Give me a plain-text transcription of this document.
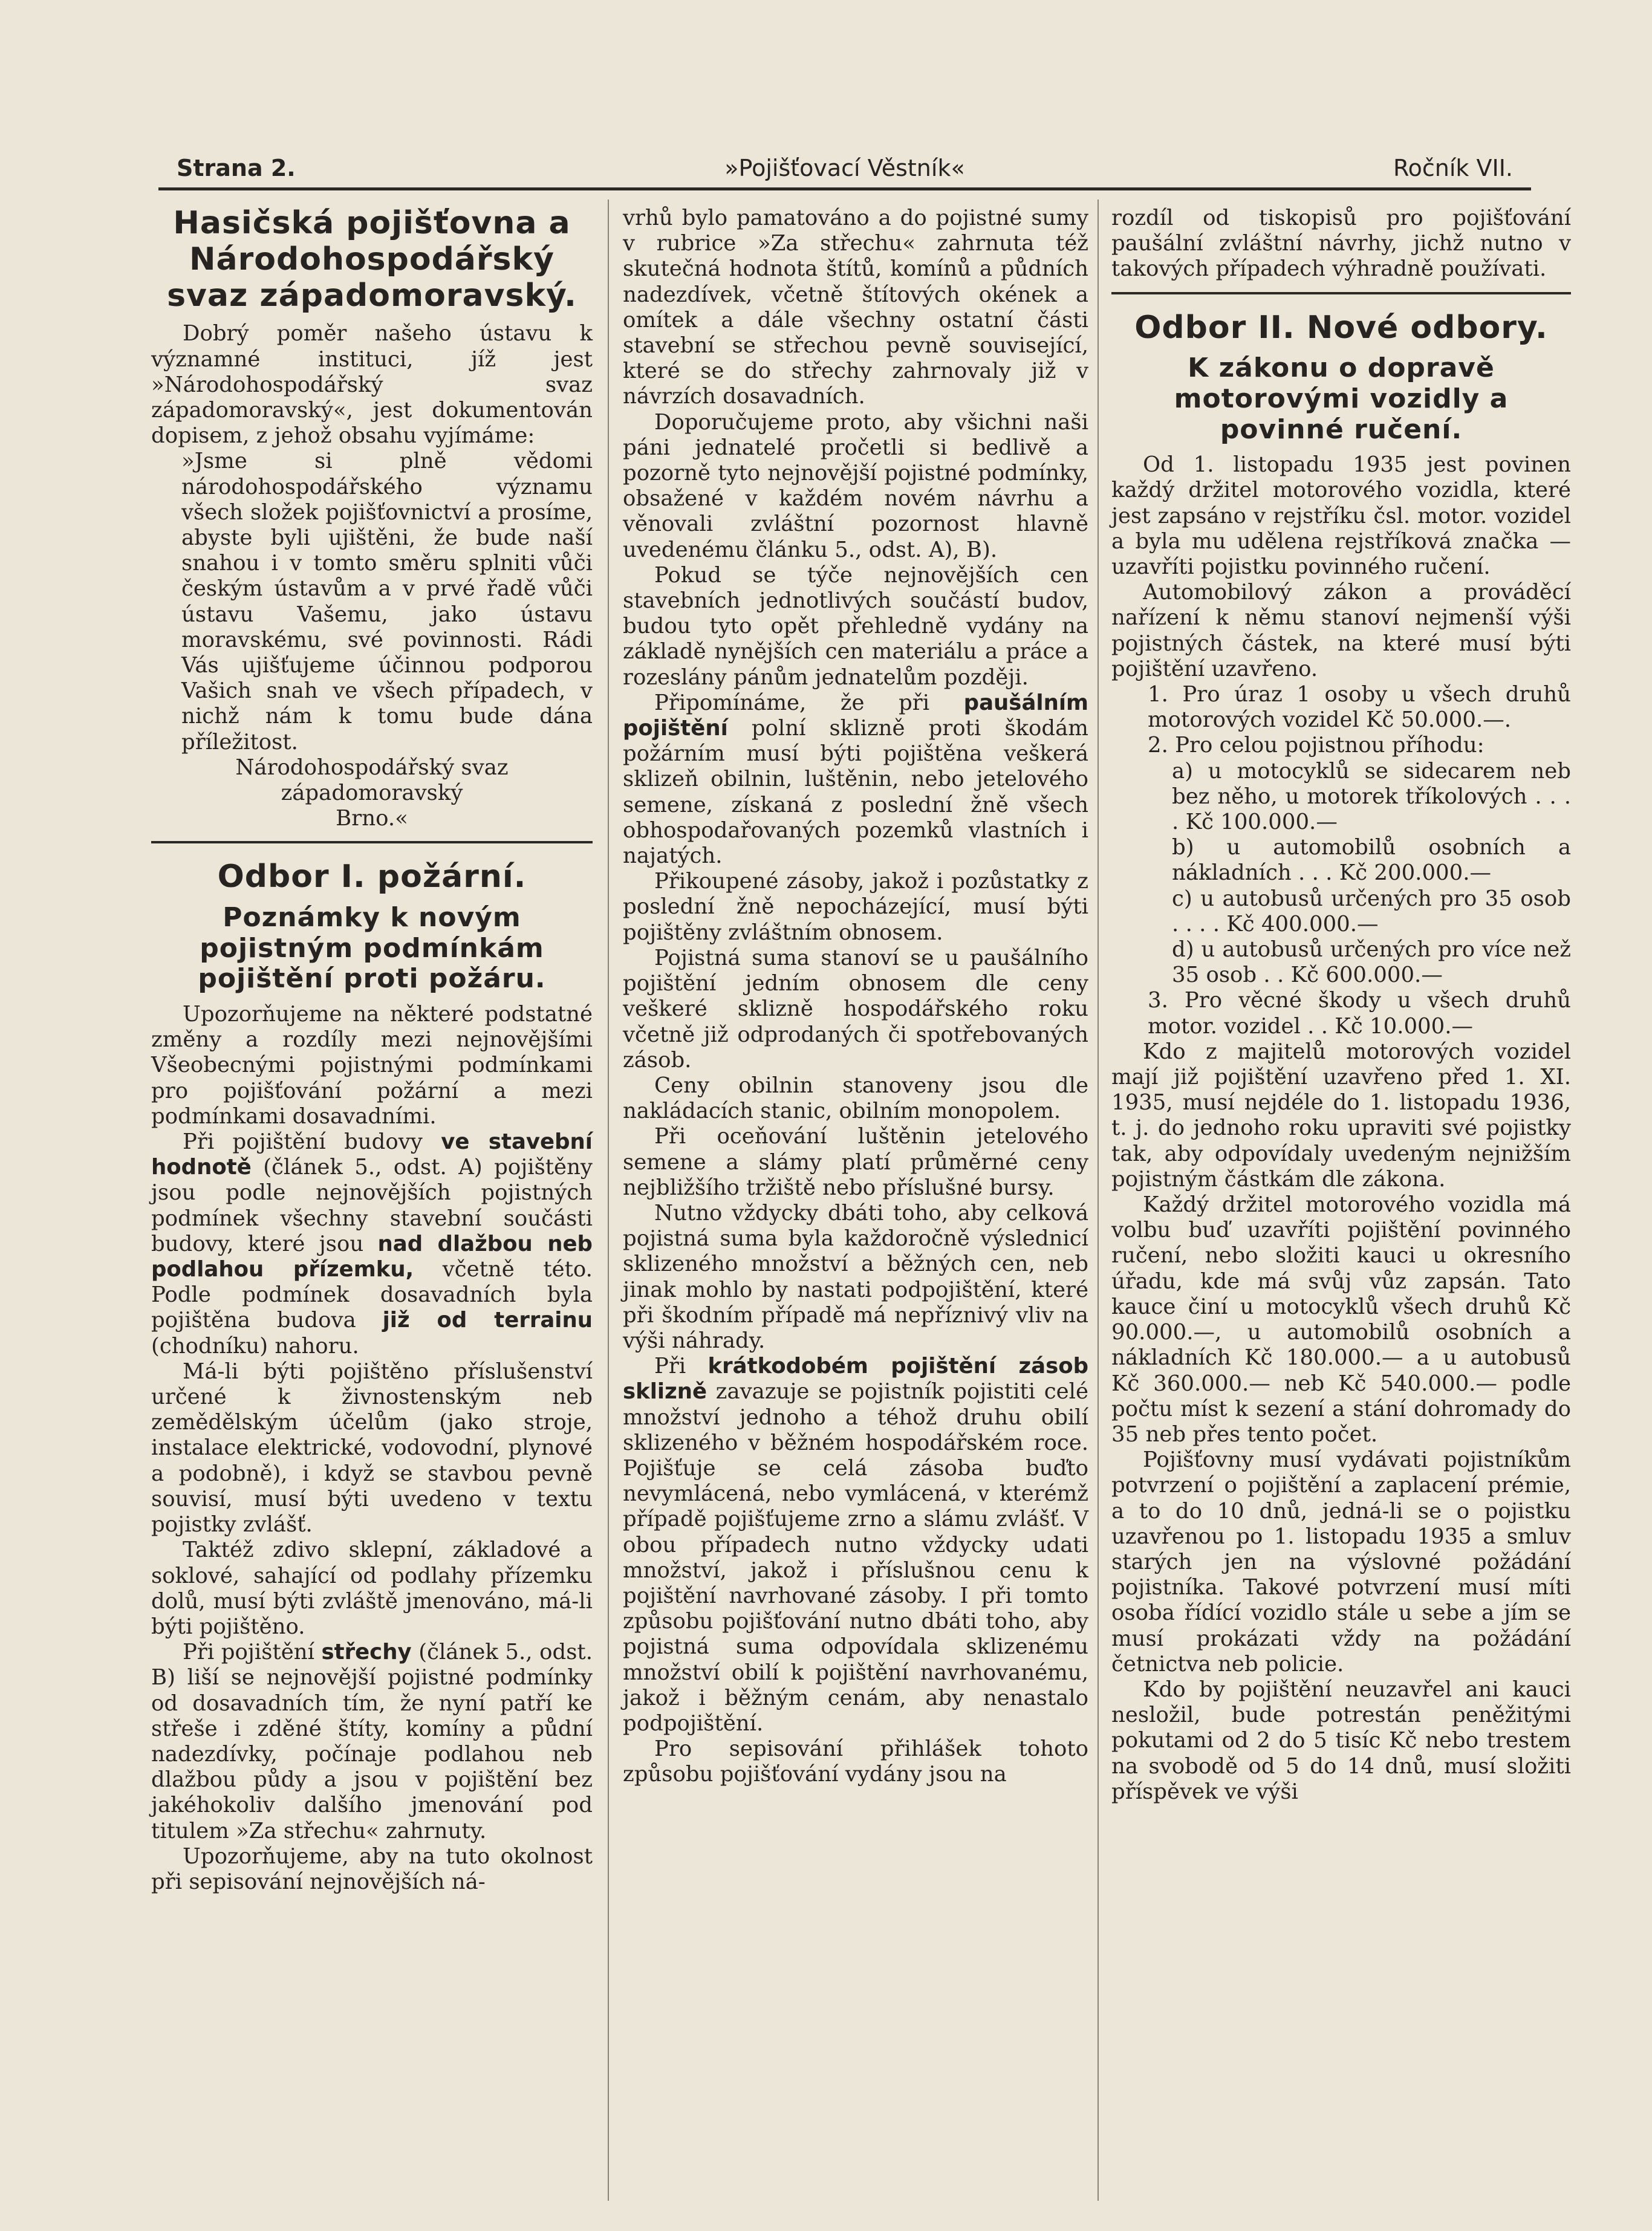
Strana 2.	»Pojišťovací Věstník«	Ročník VII.
Hasičská pojišťovna a Národohospodářský svaz západomoravský.

Dobrý poměr našeho ústavu k významné instituci, jíž jest »Národohospodářský svaz západomoravský«, jest dokumentován dopisem, z jehož obsahu vyjímáme:

»Jsme si plně vědomi národohospodářského významu všech složek pojišťovnictví a prosíme, abyste byli ujištěni, že bude naší snahou i v tomto směru splniti vůči českým ústavům a v prvé řadě vůči ústavu Vašemu, jako ústavu moravskému, své povinnosti. Rádi Vás ujišťujeme účinnou podporou Vašich snah ve všech případech, v nichž nám k tomu bude dána příležitost.

Národohospodářský svaz

západomoravský

Brno.«

Odbor I. požární.
Poznámky k novým pojistným podmínkám pojištění proti požáru.

Upozorňujeme na některé podstatné změny a rozdíly mezi nejnovějšími Všeobecnými pojistnými podmínkami pro pojišťování požární a mezi podmínkami dosavadními.

Při pojištění budovy ve stavební hodnotě (článek 5., odst. A) pojištěny jsou podle nejnovějších pojistných podmínek všechny stavební součásti budovy, které jsou nad dlažbou neb podlahou přízemku, včetně této. Podle podmínek dosavadních byla pojištěna budova již od terrainu (chodníku) nahoru.

Má-li býti pojištěno příslušenství určené k živnostenským neb zemědělským účelům (jako stroje, instalace elektrické, vodovodní, plynové a podobně), i když se stavbou pevně souvisí, musí býti uvedeno v textu pojistky zvlášť.

Taktéž zdivo sklepní, základové a soklové, sahající od podlahy přízemku dolů, musí býti zvláště jmenováno, má-li býti pojištěno.

Při pojištění střechy (článek 5., odst. B) liší se nejnovější pojistné podmínky od dosavadních tím, že nyní patří ke střeše i zděné štíty, komíny a půdní nadezdívky, počínaje podlahou neb dlažbou půdy a jsou v pojištění bez jakéhokoliv dalšího jmenování pod titulem »Za střechu« zahrnuty.

Upozorňujeme, aby na tuto okolnost při sepisování nejnovějších ná-

vrhů bylo pamatováno a do pojistné sumy v rubrice »Za střechu« zahrnuta též skutečná hodnota štítů, komínů a půdních nadezdívek, včetně štítových okének a omítek a dále všechny ostatní části stavební se střechou pevně související, které se do střechy zahrnovaly již v návrzích dosavadních.

Doporučujeme proto, aby všichni naši páni jednatelé pročetli si bedlivě a pozorně tyto nejnovější pojistné podmínky, obsažené v každém novém návrhu a věnovali zvláštní pozornost hlavně uvedenému článku 5., odst. A), B).

Pokud se týče nejnovějších cen stavebních jednotlivých součástí budov, budou tyto opět přehledně vydány na základě nynějších cen materiálu a práce a rozeslány pánům jednatelům později.

Připomínáme, že při paušálním pojištění polní sklizně proti škodám požárním musí býti pojištěna veškerá sklizeň obilnin, luštěnin, nebo jetelového semene, získaná z poslední žně všech obhospodařovaných pozemků vlastních i najatých.

Přikoupené zásoby, jakož i pozůstatky z poslední žně nepocházející, musí býti pojištěny zvláštním obnosem.

Pojistná suma stanoví se u paušálního pojištění jedním obnosem dle ceny veškeré sklizně hospodářského roku včetně již odprodaných či spotřebovaných zásob.

Ceny obilnin stanoveny jsou dle nakládacích stanic, obilním monopolem.

Při oceňování luštěnin jetelového semene a slámy platí průměrné ceny nejbližšího tržiště nebo příslušné bursy.

Nutno vždycky dbáti toho, aby celková pojistná suma byla každoročně výslednicí sklizeného množství a běžných cen, neb jinak mohlo by nastati podpojištění, které při škodním případě má nepříznivý vliv na výši náhrady.

Při krátkodobém pojištění zásob sklizně zavazuje se pojistník pojistiti celé množství jednoho a téhož druhu obilí sklizeného v běžném hospodářském roce. Pojišťuje se celá zásoba buďto nevymlácená, nebo vymlácená, v kterémž případě pojišťujeme zrno a slámu zvlášť. V obou případech nutno vždycky udati množství, jakož i příslušnou cenu k pojištění navrhované zásoby. I při tomto způsobu pojišťování nutno dbáti toho, aby pojistná suma odpovídala sklizenému množství obilí k pojištění navrhovanému, jakož i běžným cenám, aby nenastalo podpojištění.

Pro sepisování přihlášek tohoto způsobu pojišťování vydány jsou na

rozdíl od tiskopisů pro pojišťování paušální zvláštní návrhy, jichž nutno v takových případech výhradně používati.

Odbor II. Nové odbory.
K zákonu o dopravě motorovými vozidly a povinné ručení.

Od 1. listopadu 1935 jest povinen každý držitel motorového vozidla, které jest zapsáno v rejstříku čsl. motor. vozidel a byla mu udělena rejstříková značka — uzavříti pojistku povinného ručení.

Automobilový zákon a prováděcí nařízení k němu stanoví nejmenší výši pojistných částek, na které musí býti pojištění uzavřeno.

1. Pro úraz 1 osoby u všech druhů motorových vozidel Kč 50.000.—.

2. Pro celou pojistnou příhodu:

a) u motocyklů se sidecarem neb bez něho, u motorek tříkolových . . . . Kč 100.000.—

b) u automobilů osobních a nákladních . . . Kč 200.000.—

c) u autobusů určených pro 35 osob . . . . Kč 400.000.—

d) u autobusů určených pro více než 35 osob . . Kč 600.000.—

3. Pro věcné škody u všech druhů motor. vozidel . . Kč 10.000.—

Kdo z majitelů motorových vozidel mají již pojištění uzavřeno před 1. XI. 1935, musí nejdéle do 1. listopadu 1936, t. j. do jednoho roku upraviti své pojistky tak, aby odpovídaly uvedeným nejnižším pojistným částkám dle zákona.

Každý držitel motorového vozidla má volbu buď uzavříti pojištění povinného ručení, nebo složiti kauci u okresního úřadu, kde má svůj vůz zapsán. Tato kauce činí u motocyklů všech druhů Kč 90.000.—, u automobilů osobních a nákladních Kč 180.000.— a u autobusů Kč 360.000.— neb Kč 540.000.— podle počtu míst k sezení a stání dohromady do 35 neb přes tento počet.

Pojišťovny musí vydávati pojistníkům potvrzení o pojištění a zaplacení prémie, a to do 10 dnů, jedná-li se o pojistku uzavřenou po 1. listopadu 1935 a smluv starých jen na výslovné požádání pojistníka. Takové potvrzení musí míti osoba řídící vozidlo stále u sebe a jím se musí prokázati vždy na požádání četnictva neb policie.

Kdo by pojištění neuzavřel ani kauci nesložil, bude potrestán peněžitými pokutami od 2 do 5 tisíc Kč nebo trestem na svobodě od 5 do 14 dnů, musí složiti příspěvek ve výši
